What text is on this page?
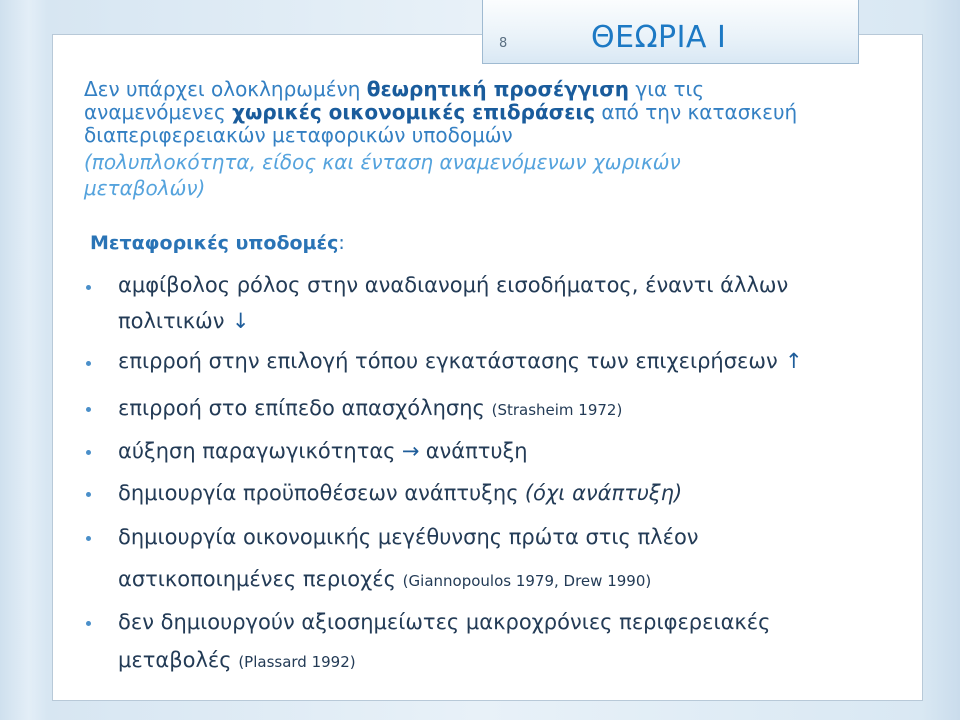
8	ΘΕΩΡΙΑ Ι
Δεν υπάρχει ολοκληρωμένη θεωρητική προσέγγιση για τις
αναμενόμενες χωρικές οικονομικές επιδράσεις από την κατασκευή
διαπεριφερειακών μεταφορικών υποδομών
(πολυπλοκότητα, είδος και ένταση αναμενόμενων χωρικών
μεταβολών)
Μεταφορικές υποδομές:
αμφίβολος ρόλος στην αναδιανομή εισοδήματος, έναντι άλλων
πολιτικών ↓
επιρροή στην επιλογή τόπου εγκατάστασης των επιχειρήσεων ↑
επιρροή στο επίπεδο απασχόλησης (Strasheim 1972)
αύξηση παραγωγικότητας → ανάπτυξη
δημιουργία προϋποθέσεων ανάπτυξης (όχι ανάπτυξη)
δημιουργία οικονομικής μεγέθυνσης πρώτα στις πλέον
αστικοποιημένες περιοχές (Giannopoulos 1979, Drew 1990)
δεν δημιουργούν αξιοσημείωτες μακροχρόνιες περιφερειακές
μεταβολές (Plassard 1992)
